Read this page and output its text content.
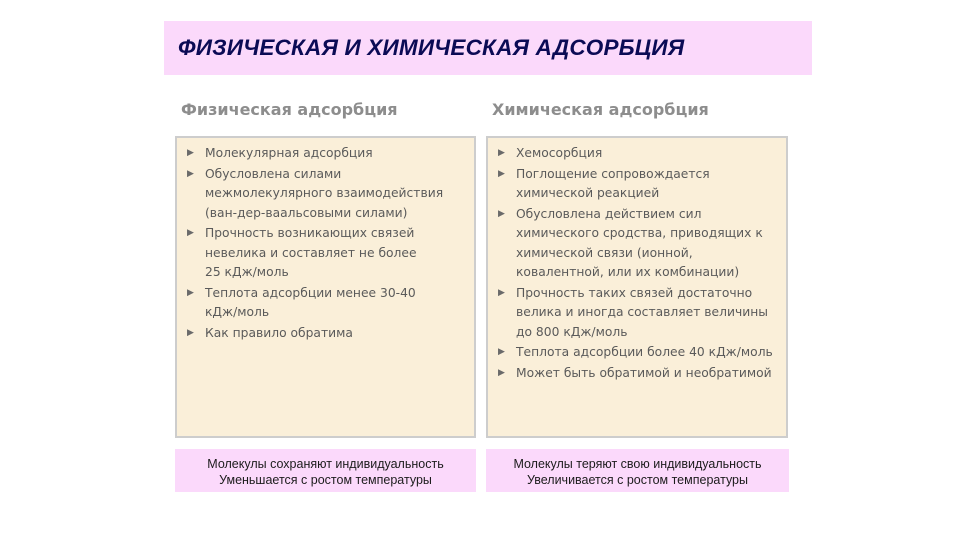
ФИЗИЧЕСКАЯ И ХИМИЧЕСКАЯ АДСОРБЦИЯ
Физическая адсорбция	Химическая адсорбция
▶ Молекулярная адсорбция
▶ Обусловлена силами межмолекулярного взаимодействия (ван-дер-ваальсовыми силами)
▶ Прочность возникающих связей невелика и составляет не более 25 кДж/моль
▶ Теплота адсорбции менее 30-40 кДж/моль
▶ Как правило обратима
▶ Хемосорбция
▶ Поглощение сопровождается химической реакцией
▶ Обусловлена действием сил химического сродства, приводящих к химической связи (ионной, ковалентной, или их комбинации)
▶ Прочность таких связей достаточно велика и иногда составляет величины до 800 кДж/моль
▶ Теплота адсорбции более 40 кДж/моль
▶ Может быть обратимой и необратимой
Молекулы сохраняют индивидуальность
Уменьшается с ростом температуры
Молекулы теряют свою индивидуальность
Увеличивается с ростом температуры
